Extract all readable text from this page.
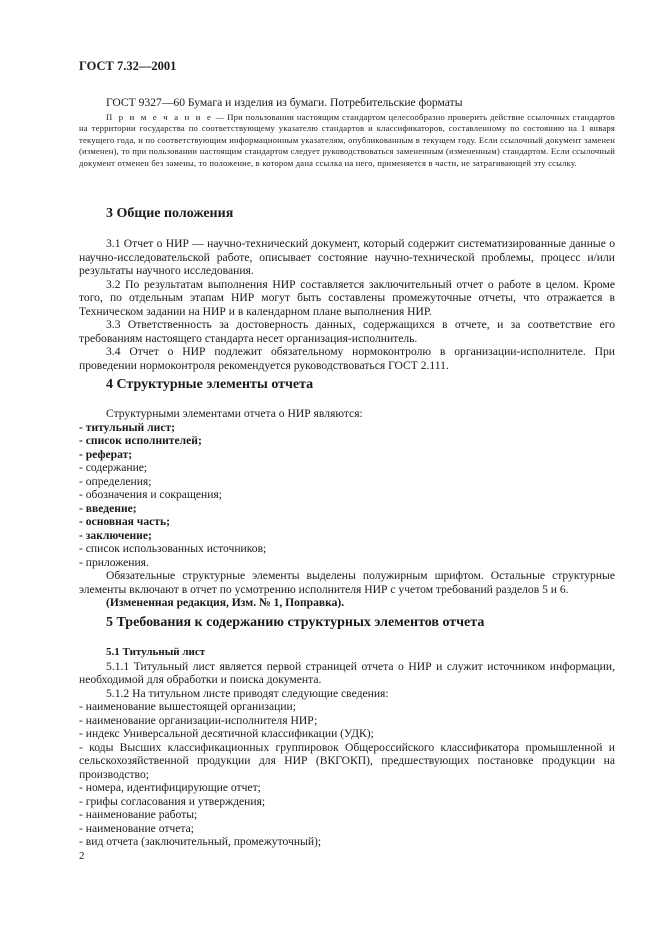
ГОСТ 7.32—2001

ГОСТ 9327—60 Бумага и изделия из бумаги. Потребительские форматы

П р и м е ч а н и е — При пользовании настоящим стандартом целесообразно проверить действие ссылочных стандартов на территории государства по соответствующему указателю стандартов и классификаторов, составленному по состоянию на 1 января текущего года, и по соответствующим информационным указателям, опубликованным в текущем году. Если ссылочный документ заменен (изменен), то при пользовании настоящим стандартом следует руководствоваться замененным (измененным) стандартом. Если ссылочный документ отменен без замены, то положение, в котором дана ссылка на него, применяется в части, не затрагивающей эту ссылку.

3 Общие положения

3.1 Отчет о НИР — научно-технический документ, который содержит систематизированные данные о научно-исследовательской работе, описывает состояние научно-технической проблемы, процесс и/или результаты научного исследования.

3.2 По результатам выполнения НИР составляется заключительный отчет о работе в целом. Кроме того, по отдельным этапам НИР могут быть составлены промежуточные отчеты, что отражается в Техническом задании на НИР и в календарном плане выполнения НИР.

3.3 Ответственность за достоверность данных, содержащихся в отчете, и за соответствие его требованиям настоящего стандарта несет организация-исполнитель.

3.4 Отчет о НИР подлежит обязательному нормоконтролю в организации-исполнителе. При проведении нормоконтроля рекомендуется руководствоваться ГОСТ 2.111.

4 Структурные элементы отчета

Структурными элементами отчета о НИР являются:

- титульный лист;

- список исполнителей;

- реферат;

- содержание;

- определения;

- обозначения и сокращения;

- введение;

- основная часть;

- заключение;

- список использованных источников;

- приложения.

Обязательные структурные элементы выделены полужирным шрифтом. Остальные структурные элементы включают в отчет по усмотрению исполнителя НИР с учетом требований разделов 5 и 6.

(Измененная редакция, Изм. № 1, Поправка).

5 Требования к содержанию структурных элементов отчета

5.1 Титульный лист

5.1.1 Титульный лист является первой страницей отчета о НИР и служит источником информации, необходимой для обработки и поиска документа.

5.1.2 На титульном листе приводят следующие сведения:

- наименование вышестоящей организации;

- наименование организации-исполнителя НИР;

- индекс Универсальной десятичной классификации (УДК);

- коды Высших классификационных группировок Общероссийского классификатора промышленной и сельскохозяйственной продукции для НИР (ВКГОКП), предшествующих постановке продукции на производство;

- номера, идентифицирующие отчет;

- грифы согласования и утверждения;

- наименование работы;

- наименование отчета;

- вид отчета (заключительный, промежуточный);

2
